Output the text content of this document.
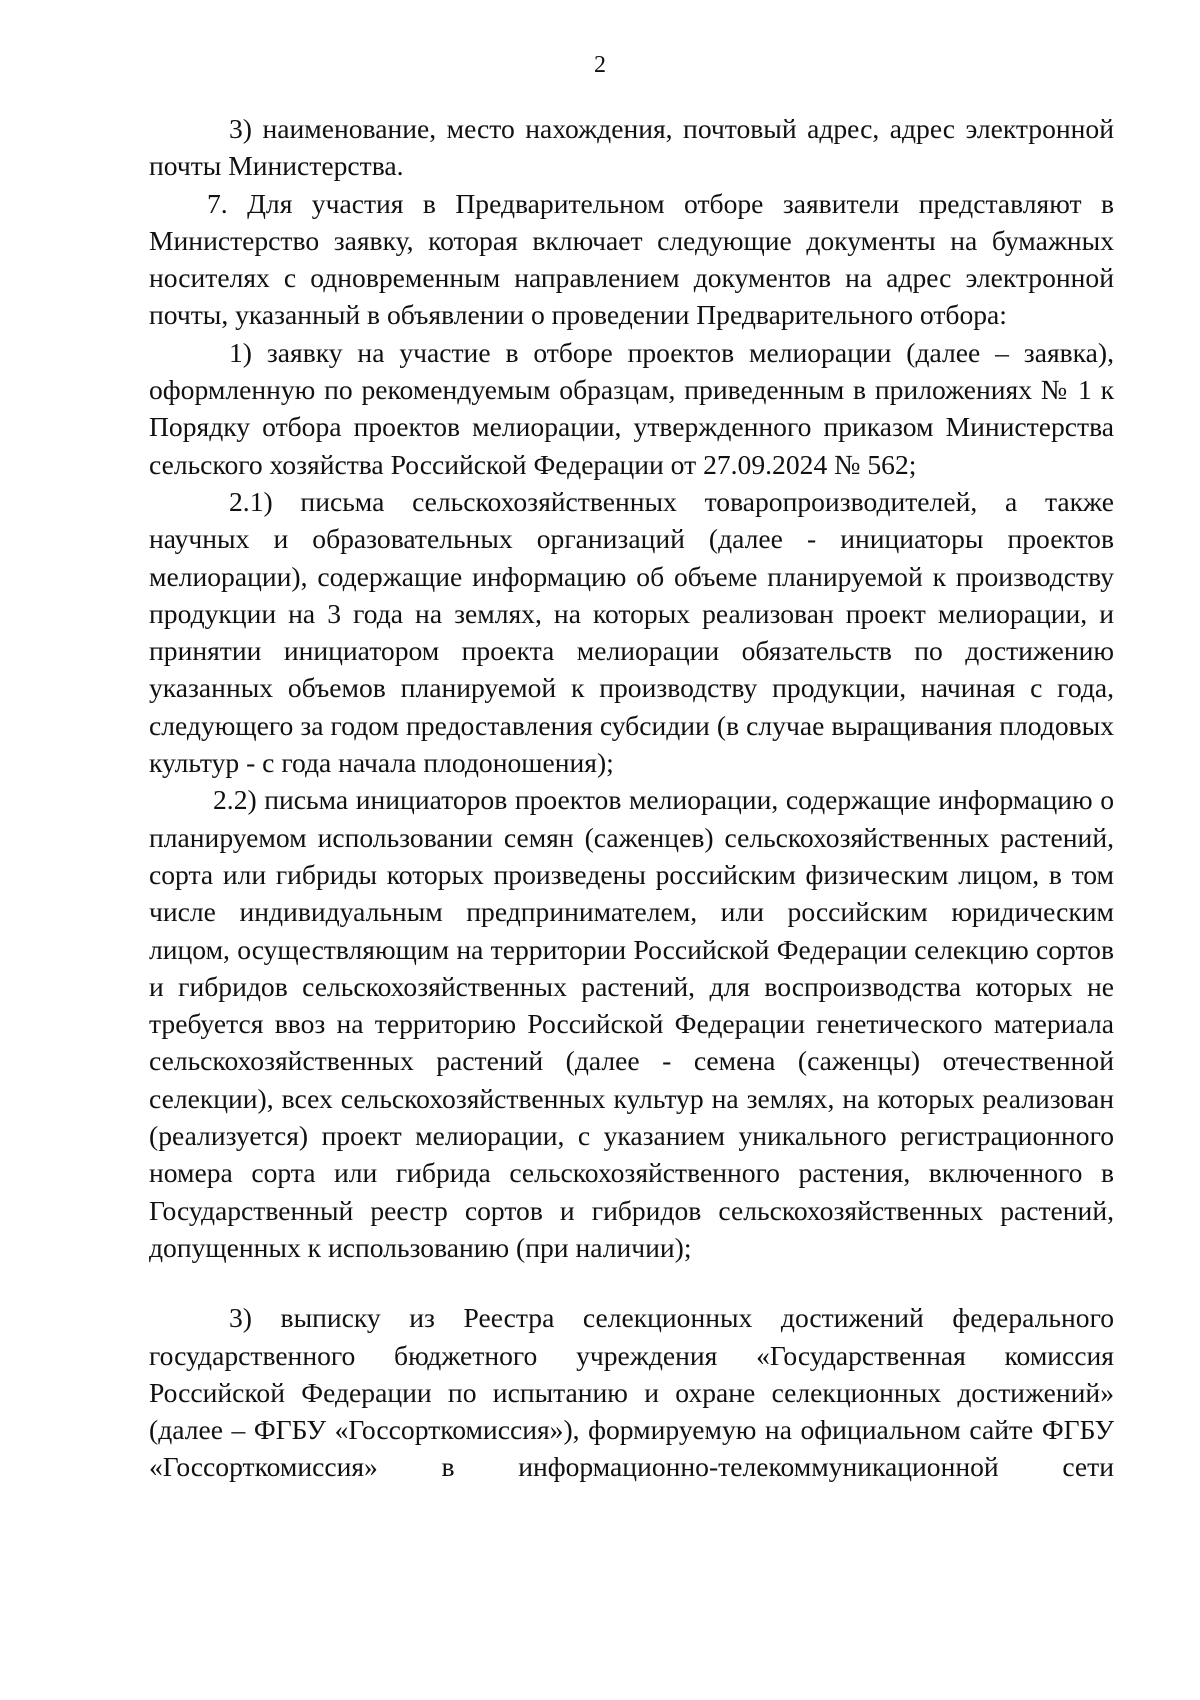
2

3) наименование, место нахождения, почтовый адрес, адрес электронной почты Министерства.

7. Для участия в Предварительном отборе заявители представляют в Министерство заявку, которая включает следующие документы на бумажных носителях с одновременным направлением документов на адрес электронной почты, указанный в объявлении о проведении Предварительного отбора:

1) заявку на участие в отборе проектов мелиорации (далее – заявка), оформленную по рекомендуемым образцам, приведенным в приложениях № 1 к Порядку отбора проектов мелиорации, утвержденного приказом Министерства сельского хозяйства Российской Федерации от 27.09.2024 № 562;

2.1) письма сельскохозяйственных товаропроизводителей, а также научных и образовательных организаций (далее - инициаторы проектов мелиорации), содержащие информацию об объеме планируемой к производству продукции на 3 года на землях, на которых реализован проект мелиорации, и принятии инициатором проекта мелиорации обязательств по достижению указанных объемов планируемой к производству продукции, начиная с года, следующего за годом предоставления субсидии (в случае выращивания плодовых культур - с года начала плодоношения);

2.2) письма инициаторов проектов мелиорации, содержащие информацию о планируемом использовании семян (саженцев) сельскохозяйственных растений, сорта или гибриды которых произведены российским физическим лицом, в том числе индивидуальным предпринимателем, или российским юридическим лицом, осуществляющим на территории Российской Федерации селекцию сортов и гибридов сельскохозяйственных растений, для воспроизводства которых не требуется ввоз на территорию Российской Федерации генетического материала сельскохозяйственных растений (далее - семена (саженцы) отечественной селекции), всех сельскохозяйственных культур на землях, на которых реализован (реализуется) проект мелиорации, с указанием уникального регистрационного номера сорта или гибрида сельскохозяйственного растения, включенного в Государственный реестр сортов и гибридов сельскохозяйственных растений, допущенных к использованию (при наличии);

3) выписку из Реестра селекционных достижений федерального государственного бюджетного учреждения «Государственная комиссия Российской Федерации по испытанию и охране селекционных достижений» (далее – ФГБУ «Госсорткомиссия»), формируемую на официальном сайте ФГБУ «Госсорткомиссия» в информационно-телекоммуникационной сети
